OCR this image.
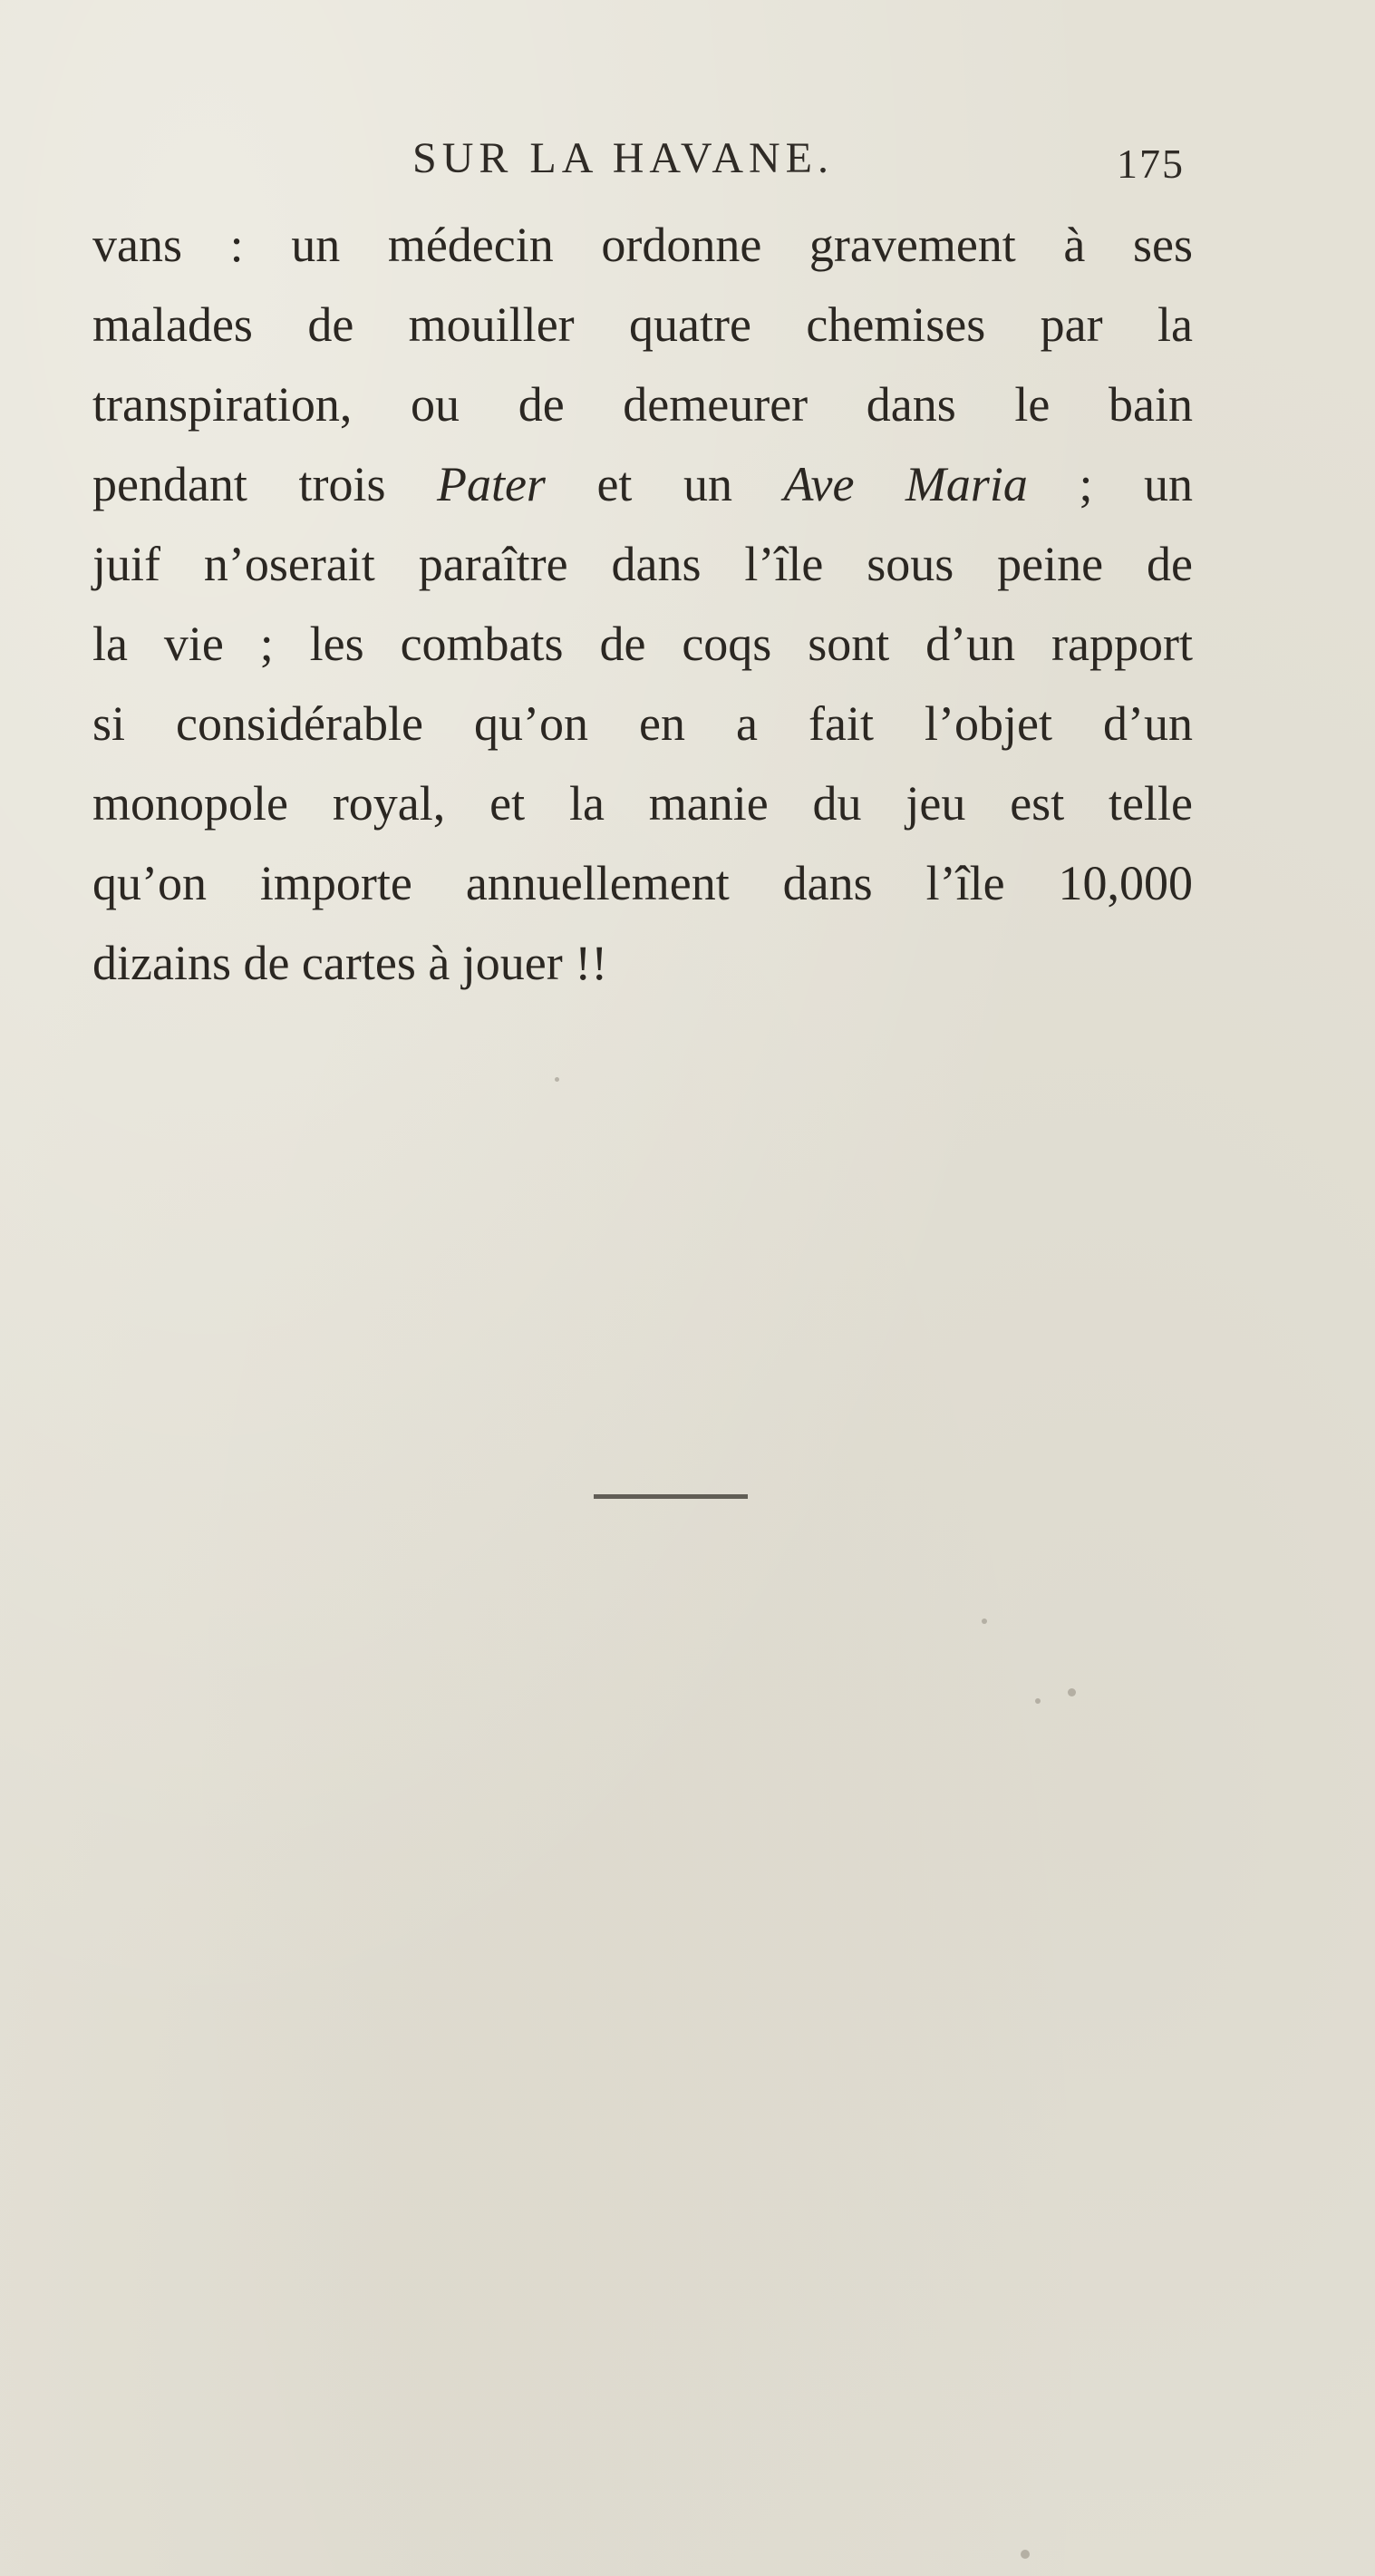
SUR LA HAVANE.	175
vans : un médecin ordonne gravement à ses
malades de mouiller quatre chemises par la
transpiration, ou de demeurer dans le bain
pendant trois Pater et un Ave Maria ; un
juif n’oserait paraître dans l’île sous peine de
la vie ; les combats de coqs sont d’un rapport
si considérable qu’on en a fait l’objet d’un
monopole royal, et la manie du jeu est telle
qu’on importe annuellement dans l’île 10,000
dizains de cartes à jouer !!
